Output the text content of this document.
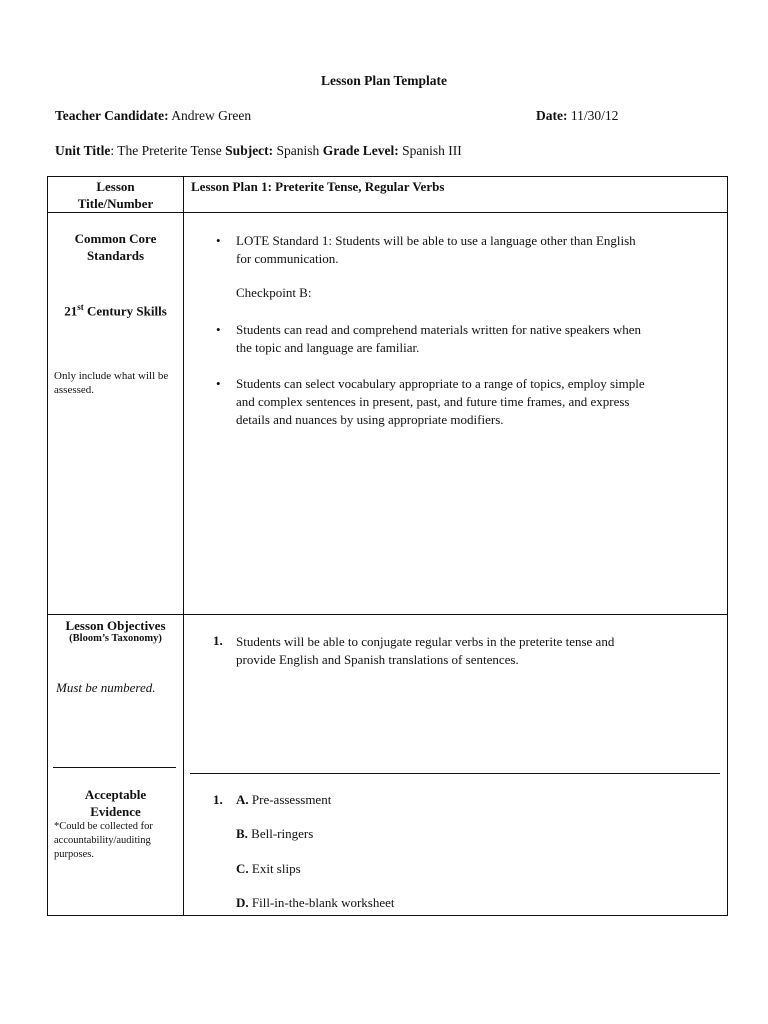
Lesson Plan Template
Teacher Candidate: Andrew Green	Date: 11/30/12
Unit Title: The Preterite Tense Subject: Spanish Grade Level: Spanish III
Lesson
Title/Number
Lesson Plan 1: Preterite Tense, Regular Verbs
Common Core
Standards
21st Century Skills
Only include what will be assessed.
• LOTE Standard 1: Students will be able to use a language other than English
for communication.
Checkpoint B:
• Students can read and comprehend materials written for native speakers when
the topic and language are familiar.
• Students can select vocabulary appropriate to a range of topics, employ simple
and complex sentences in present, past, and future time frames, and express
details and nuances by using appropriate modifiers.
Lesson Objectives
(Bloom’s Taxonomy)
Must be numbered.
1. Students will be able to conjugate regular verbs in the preterite tense and
provide English and Spanish translations of sentences.
Acceptable
Evidence
*Could be collected for
accountability/auditing
purposes.
1. A. Pre-assessment
B. Bell-ringers
C. Exit slips
D. Fill-in-the-blank worksheet
